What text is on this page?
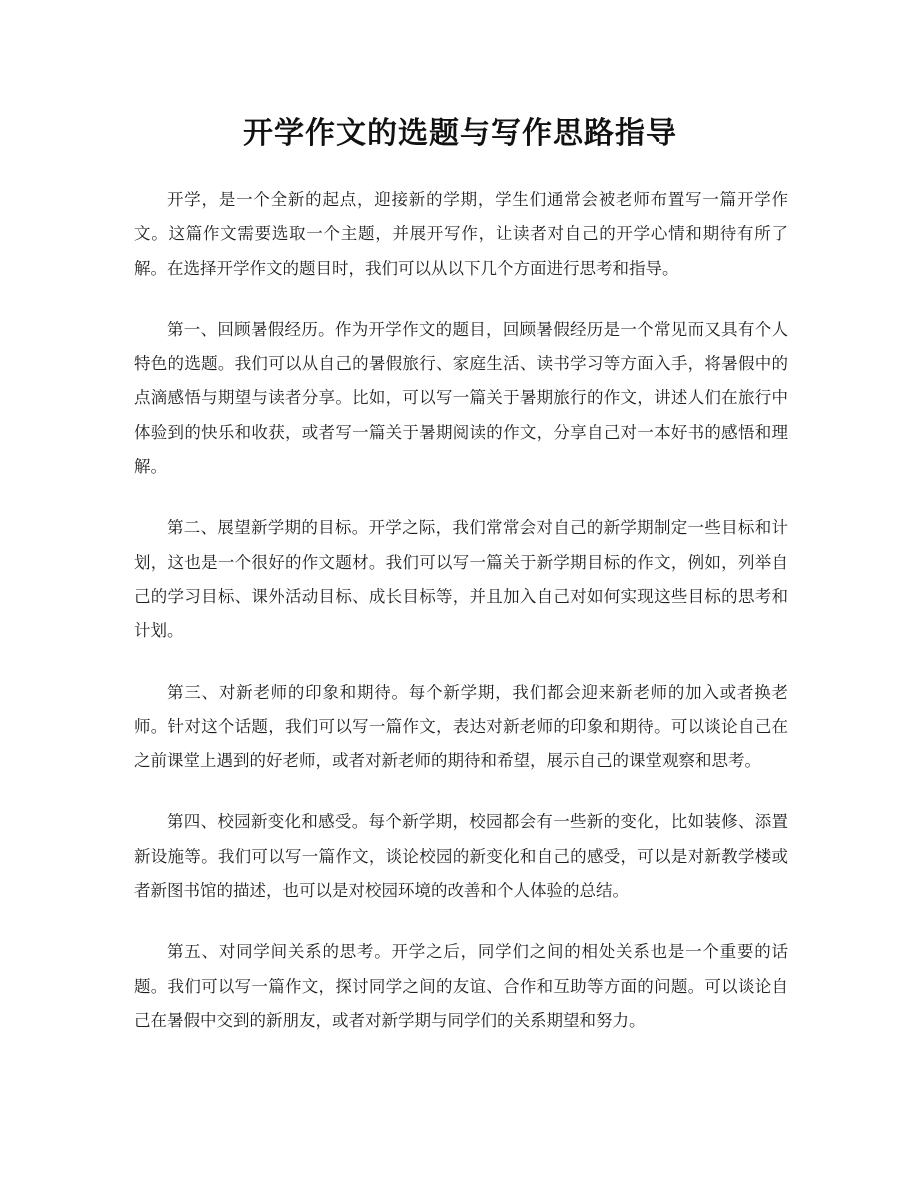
开学作文的选题与写作思路指导

开学，是一个全新的起点，迎接新的学期，学生们通常会被老师布置写一篇开学作文。这篇作文需要选取一个主题，并展开写作，让读者对自己的开学心情和期待有所了解。在选择开学作文的题目时，我们可以从以下几个方面进行思考和指导。

第一、回顾暑假经历。作为开学作文的题目，回顾暑假经历是一个常见而又具有个人特色的选题。我们可以从自己的暑假旅行、家庭生活、读书学习等方面入手，将暑假中的点滴感悟与期望与读者分享。比如，可以写一篇关于暑期旅行的作文，讲述人们在旅行中体验到的快乐和收获，或者写一篇关于暑期阅读的作文，分享自己对一本好书的感悟和理解。

第二、展望新学期的目标。开学之际，我们常常会对自己的新学期制定一些目标和计划，这也是一个很好的作文题材。我们可以写一篇关于新学期目标的作文，例如，列举自己的学习目标、课外活动目标、成长目标等，并且加入自己对如何实现这些目标的思考和计划。

第三、对新老师的印象和期待。每个新学期，我们都会迎来新老师的加入或者换老师。针对这个话题，我们可以写一篇作文，表达对新老师的印象和期待。可以谈论自己在之前课堂上遇到的好老师，或者对新老师的期待和希望，展示自己的课堂观察和思考。

第四、校园新变化和感受。每个新学期，校园都会有一些新的变化，比如装修、添置新设施等。我们可以写一篇作文，谈论校园的新变化和自己的感受，可以是对新教学楼或者新图书馆的描述，也可以是对校园环境的改善和个人体验的总结。

第五、对同学间关系的思考。开学之后，同学们之间的相处关系也是一个重要的话题。我们可以写一篇作文，探讨同学之间的友谊、合作和互助等方面的问题。可以谈论自己在暑假中交到的新朋友，或者对新学期与同学们的关系期望和努力。
